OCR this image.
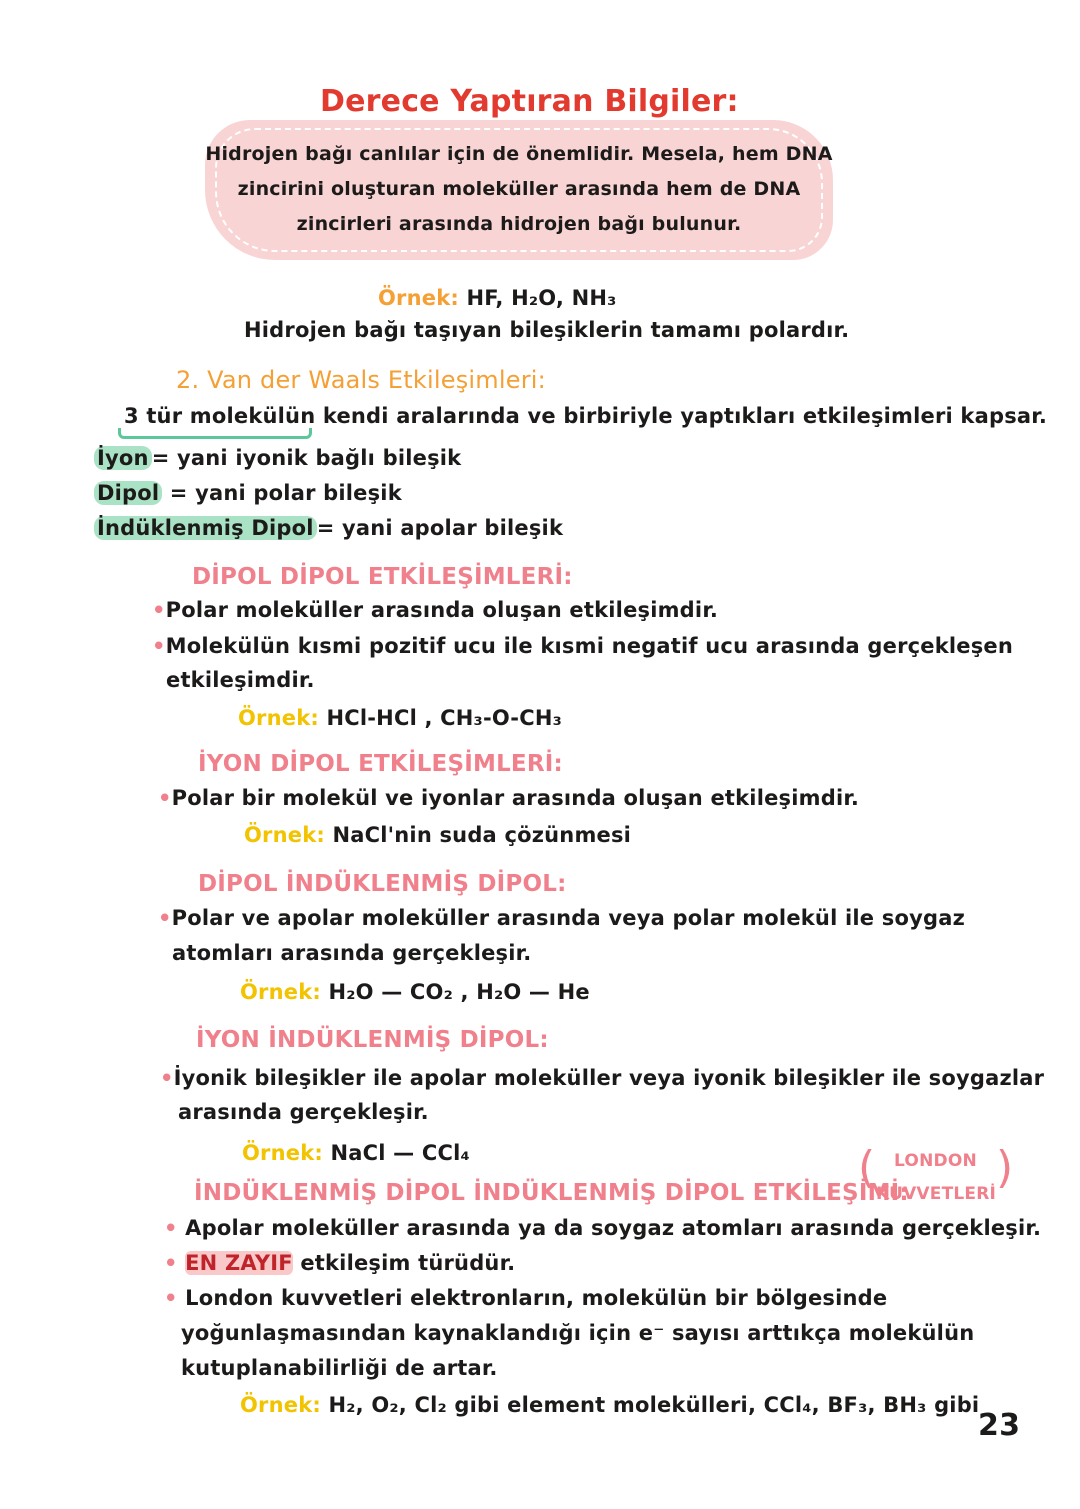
Derece Yaptıran Bilgiler:
Hidrojen bağı canlılar için de önemlidir. Mesela, hem DNA
zincirini oluşturan moleküller arasında hem de DNA
zincirleri arasında hidrojen bağı bulunur.
Örnek: HF, H₂O, NH₃
Hidrojen bağı taşıyan bileşiklerin tamamı polardır.
2. Van der Waals Etkileşimleri:
3 tür molekülün kendi aralarında ve birbiriyle yaptıkları etkileşimleri kapsar.
İyon = yani iyonik bağlı bileşik
Dipol = yani polar bileşik
İndüklenmiş Dipol = yani apolar bileşik
DİPOL DİPOL ETKİLEŞİMLERİ:
•Polar moleküller arasında oluşan etkileşimdir.
•Molekülün kısmi pozitif ucu ile kısmi negatif ucu arasında gerçekleşen
etkileşimdir.
Örnek: HCl-HCl , CH₃-O-CH₃
İYON DİPOL ETKİLEŞİMLERİ:
•Polar bir molekül ve iyonlar arasında oluşan etkileşimdir.
Örnek: NaCl'nin suda çözünmesi
DİPOL İNDÜKLENMİŞ DİPOL:
•Polar ve apolar moleküller arasında veya polar molekül ile soygaz
atomları arasında gerçekleşir.
Örnek: H₂O — CO₂ , H₂O — He
İYON İNDÜKLENMİŞ DİPOL:
•İyonik bileşikler ile apolar moleküller veya iyonik bileşikler ile soygazlar
arasında gerçekleşir.
Örnek: NaCl — CCl₄
İNDÜKLENMİŞ DİPOL İNDÜKLENMİŞ DİPOL ETKİLEŞİMİ:
( LONDON
KUVVETLERİ
)
• Apolar moleküller arasında ya da soygaz atomları arasında gerçekleşir.
• EN ZAYIF etkileşim türüdür.
• London kuvvetleri elektronların, molekülün bir bölgesinde
yoğunlaşmasından kaynaklandığı için e⁻ sayısı arttıkça molekülün
kutuplanabilirliği de artar.
Örnek: H₂, O₂, Cl₂ gibi element molekülleri, CCl₄, BF₃, BH₃ gibi
23
